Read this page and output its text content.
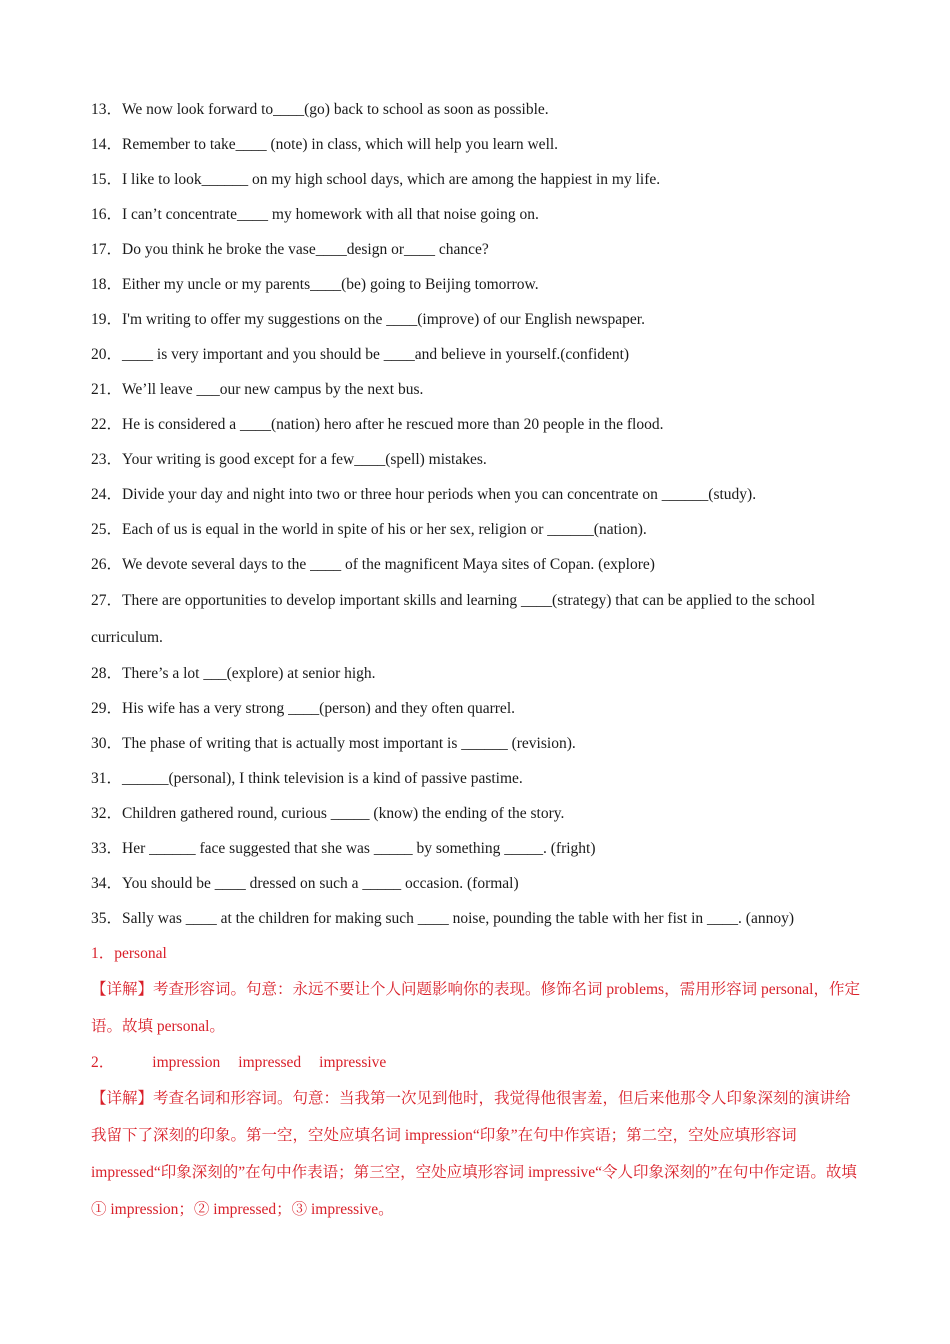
13．We now look forward to____(go) back to school as soon as possible.
14．Remember to take____ (note) in class, which will help you learn well.
15．I like to look______ on my high school days, which are among the happiest in my life.
16．I can’t concentrate____ my homework with all that noise going on.
17．Do you think he broke the vase____design or____ chance?
18．Either my uncle or my parents____(be) going to Beijing tomorrow.
19．I'm writing to offer my suggestions on the ____(improve) of our English newspaper.
20．____ is very important and you should be ____and believe in yourself.(confident)
21．We’ll leave ___our new campus by the next bus.
22．He is considered a ____(nation) hero after he rescued more than 20 people in the flood.
23．Your writing is good except for a few____(spell) mistakes.
24．Divide your day and night into two or three hour periods when you can concentrate on ______(study).
25．Each of us is equal in the world in spite of his or her sex, religion or ______(nation).
26．We devote several days to the ____ of the magnificent Maya sites of Copan. (explore)
27．There are opportunities to develop important skills and learning ____(strategy) that can be applied to the school curriculum.
28．There’s a lot ___(explore) at senior high.
29．His wife has a very strong ____(person) and they often quarrel.
30．The phase of writing that is actually most important is ______ (revision).
31．______(personal), I think television is a kind of passive pastime.
32．Children gathered round, curious _____ (know) the ending of the story.
33．Her ______ face suggested that she was _____ by something _____. (fright)
34．You should be ____ dressed on such a _____ occasion. (formal)
35．Sally was ____ at the children for making such ____ noise, pounding the table with her fist in ____. (annoy)
1．personal
【详解】考查形容词。句意：永远不要让个人问题影响你的表现。修饰名词 problems，需用形容词 personal，作定语。故填 personal。
2． impression impressed impressive
【详解】考查名词和形容词。句意：当我第一次见到他时，我觉得他很害羞，但后来他那令人印象深刻的演讲给我留下了深刻的印象。第一空，空处应填名词 impression“印象”在句中作宾语；第二空，空处应填形容词 impressed“印象深刻的”在句中作表语；第三空，空处应填形容词 impressive“令人印象深刻的”在句中作定语。故填① impression；② impressed；③ impressive。
